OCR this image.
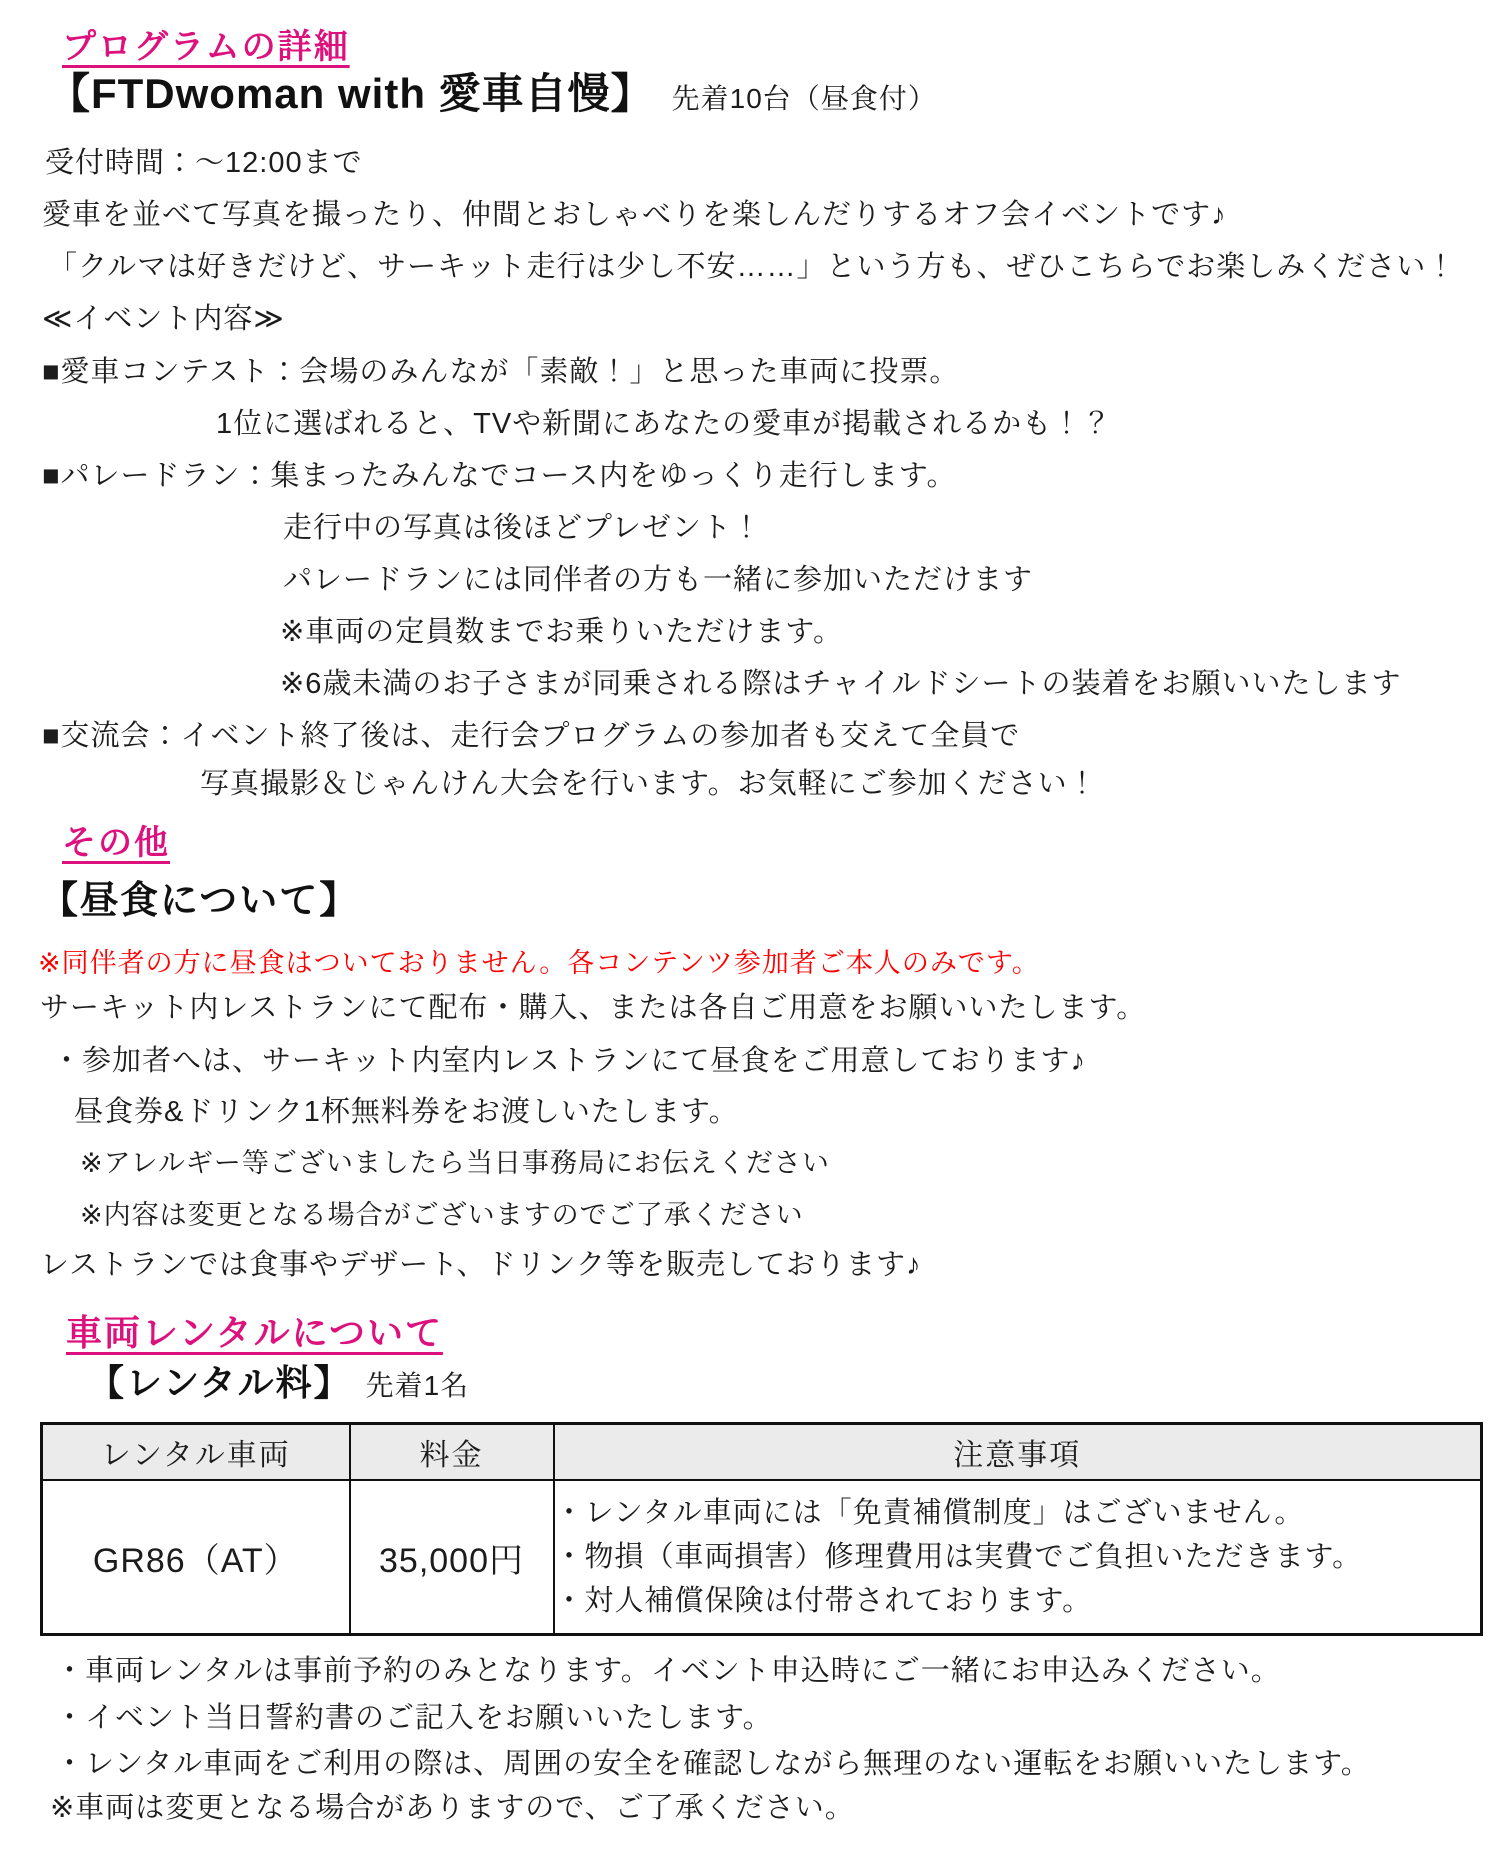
プログラムの詳細
【FTDwoman with 愛車自慢】 先着10台（昼食付）
受付時間：～12:00まで
愛車を並べて写真を撮ったり、仲間とおしゃべりを楽しんだりするオフ会イベントです♪
「クルマは好きだけど、サーキット走行は少し不安……」という方も、ぜひこちらでお楽しみください！
≪イベント内容≫
■愛車コンテスト：会場のみんなが「素敵！」と思った車両に投票。
1位に選ばれると、TVや新聞にあなたの愛車が掲載されるかも！？
■パレードラン：集まったみんなでコース内をゆっくり走行します。
走行中の写真は後ほどプレゼント！
パレードランには同伴者の方も一緒に参加いただけます
※車両の定員数までお乗りいただけます。
※6歳未満のお子さまが同乗される際はチャイルドシートの装着をお願いいたします
■交流会：イベント終了後は、走行会プログラムの参加者も交えて全員で
写真撮影＆じゃんけん大会を行います。お気軽にご参加ください！
その他
【昼食について】
※同伴者の方に昼食はついておりません。各コンテンツ参加者ご本人のみです。
サーキット内レストランにて配布・購入、または各自ご用意をお願いいたします。
・参加者へは、サーキット内室内レストランにて昼食をご用意しております♪
昼食券&ドリンク1杯無料券をお渡しいたします。
※アレルギー等ございましたら当日事務局にお伝えください
※内容は変更となる場合がございますのでご了承ください
レストランでは食事やデザート、ドリンク等を販売しております♪
車両レンタルについて
【レンタル料】 先着1名
レンタル車両	料金	注意事項
GR86（AT）	35,000円	・レンタル車両には「免責補償制度」はございません。
・物損（車両損害）修理費用は実費でご負担いただきます。
・対人補償保険は付帯されております。
・車両レンタルは事前予約のみとなります。イベント申込時にご一緒にお申込みください。
・イベント当日誓約書のご記入をお願いいたします。
・レンタル車両をご利用の際は、周囲の安全を確認しながら無理のない運転をお願いいたします。
※車両は変更となる場合がありますので、ご了承ください。
